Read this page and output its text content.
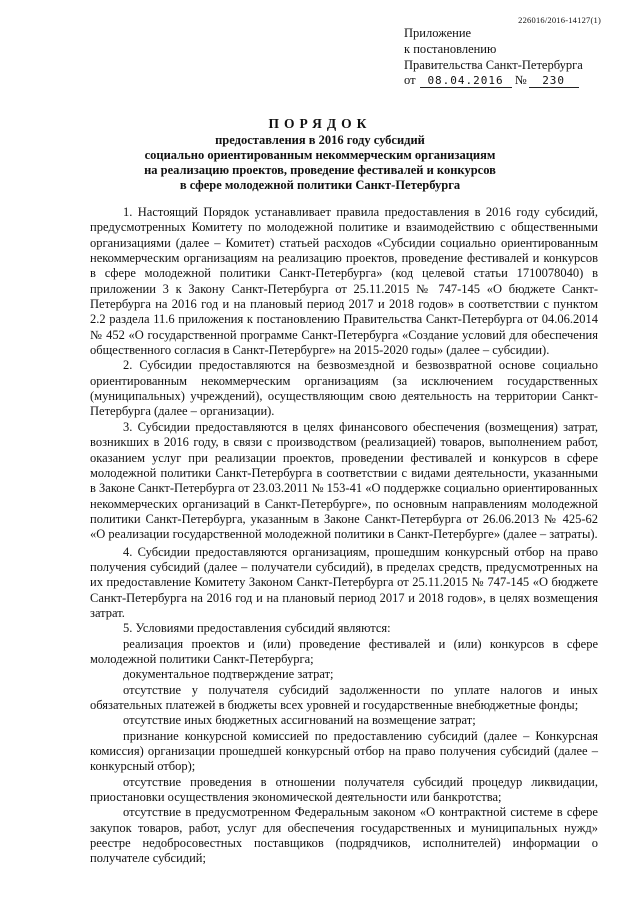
226016/2016-14127(1)
Приложение
к постановлению
Правительства Санкт-Петербурга
от 08.04.2016 № 230
ПОРЯДОК
предоставления в 2016 году субсидий
социально ориентированным некоммерческим организациям
на реализацию проектов, проведение фестивалей и конкурсов
в сфере молодежной политики Санкт-Петербурга

1. Настоящий Порядок устанавливает правила предоставления в 2016 году субсидий, предусмотренных Комитету по молодежной политике и взаимодействию с общественными организациями (далее – Комитет) статьей расходов «Субсидии социально ориентированным некоммерческим организациям на реализацию проектов, проведение фестивалей и конкурсов в сфере молодежной политики Санкт-Петербурга» (код целевой статьи 1710078040) в приложении 3 к Закону Санкт-Петербурга от 25.11.2015 № 747-145 «О бюджете Санкт-Петербурга на 2016 год и на плановый период 2017 и 2018 годов» в соответствии с пунктом 2.2 раздела 11.6 приложения к постановлению Правительства Санкт-Петербурга от 04.06.2014 № 452 «О государственной программе Санкт-Петербурга «Создание условий для обеспечения общественного согласия в Санкт-Петербурге» на 2015-2020 годы» (далее – субсидии).

2. Субсидии предоставляются на безвозмездной и безвозвратной основе социально ориентированным некоммерческим организациям (за исключением государственных (муниципальных) учреждений), осуществляющим свою деятельность на территории Санкт-Петербурга (далее – организации).

3. Субсидии предоставляются в целях финансового обеспечения (возмещения) затрат, возникших в 2016 году, в связи с производством (реализацией) товаров, выполнением работ, оказанием услуг при реализации проектов, проведении фестивалей и конкурсов в сфере молодежной политики Санкт-Петербурга в соответствии с видами деятельности, указанными в Законе Санкт-Петербурга от 23.03.2011 № 153-41 «О поддержке социально ориентированных некоммерческих организаций в Санкт-Петербурге», по основным направлениям молодежной политики Санкт-Петербурга, указанным в Законе Санкт-Петербурга от 26.06.2013 № 425-62 «О реализации государственной молодежной политики в Санкт-Петербурге» (далее – затраты).

4. Субсидии предоставляются организациям, прошедшим конкурсный отбор на право получения субсидий (далее – получатели субсидий), в пределах средств, предусмотренных на их предоставление Комитету Законом Санкт-Петербурга от 25.11.2015 № 747-145 «О бюджете Санкт-Петербурга на 2016 год и на плановый период 2017 и 2018 годов», в целях возмещения затрат.

5. Условиями предоставления субсидий являются:

реализация проектов и (или) проведение фестивалей и (или) конкурсов в сфере молодежной политики Санкт-Петербурга;

документальное подтверждение затрат;

отсутствие у получателя субсидий задолженности по уплате налогов и иных обязательных платежей в бюджеты всех уровней и государственные внебюджетные фонды;

отсутствие иных бюджетных ассигнований на возмещение затрат;

признание конкурсной комиссией по предоставлению субсидий (далее – Конкурсная комиссия) организации прошедшей конкурсный отбор на право получения субсидий (далее – конкурсный отбор);

отсутствие проведения в отношении получателя субсидий процедур ликвидации, приостановки осуществления экономической деятельности или банкротства;

отсутствие в предусмотренном Федеральным законом «О контрактной системе в сфере закупок товаров, работ, услуг для обеспечения государственных и муниципальных нужд» реестре недобросовестных поставщиков (подрядчиков, исполнителей) информации о получателе субсидий;
